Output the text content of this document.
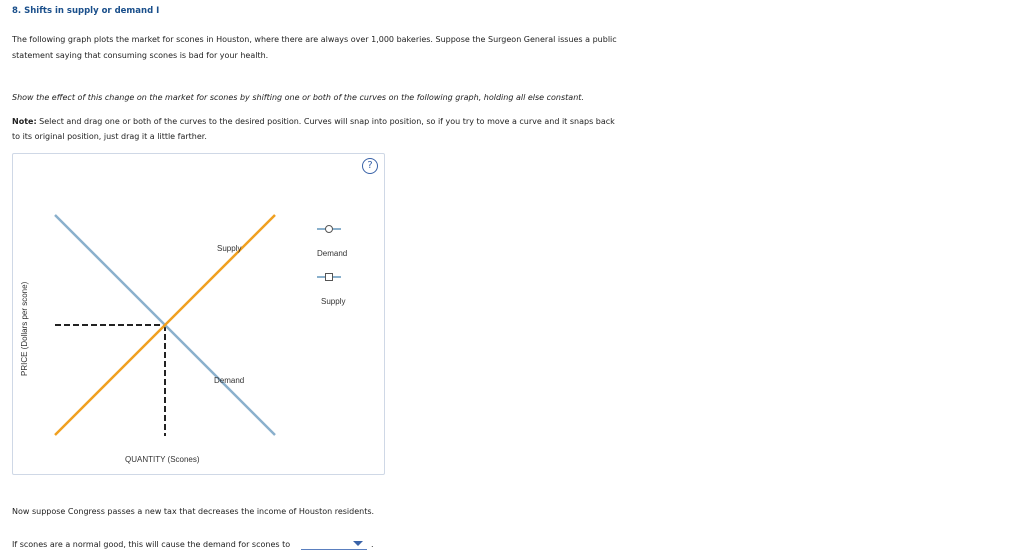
8. Shifts in supply or demand I
The following graph plots the market for scones in Houston, where there are always over 1,000 bakeries. Suppose the Surgeon General issues a public
statement saying that consuming scones is bad for your health.
Show the effect of this change on the market for scones by shifting one or both of the curves on the following graph, holding all else constant.
Note: Select and drag one or both of the curves to the desired position. Curves will snap into position, so if you try to move a curve and it snaps back
to its original position, just drag it a little farther.
?
Supply
Demand
QUANTITY (Scones)
PRICE (Dollars per scone)
Demand
Supply
Now suppose Congress passes a new tax that decreases the income of Houston residents.
If scones are a normal good, this will cause the demand for scones to	.
